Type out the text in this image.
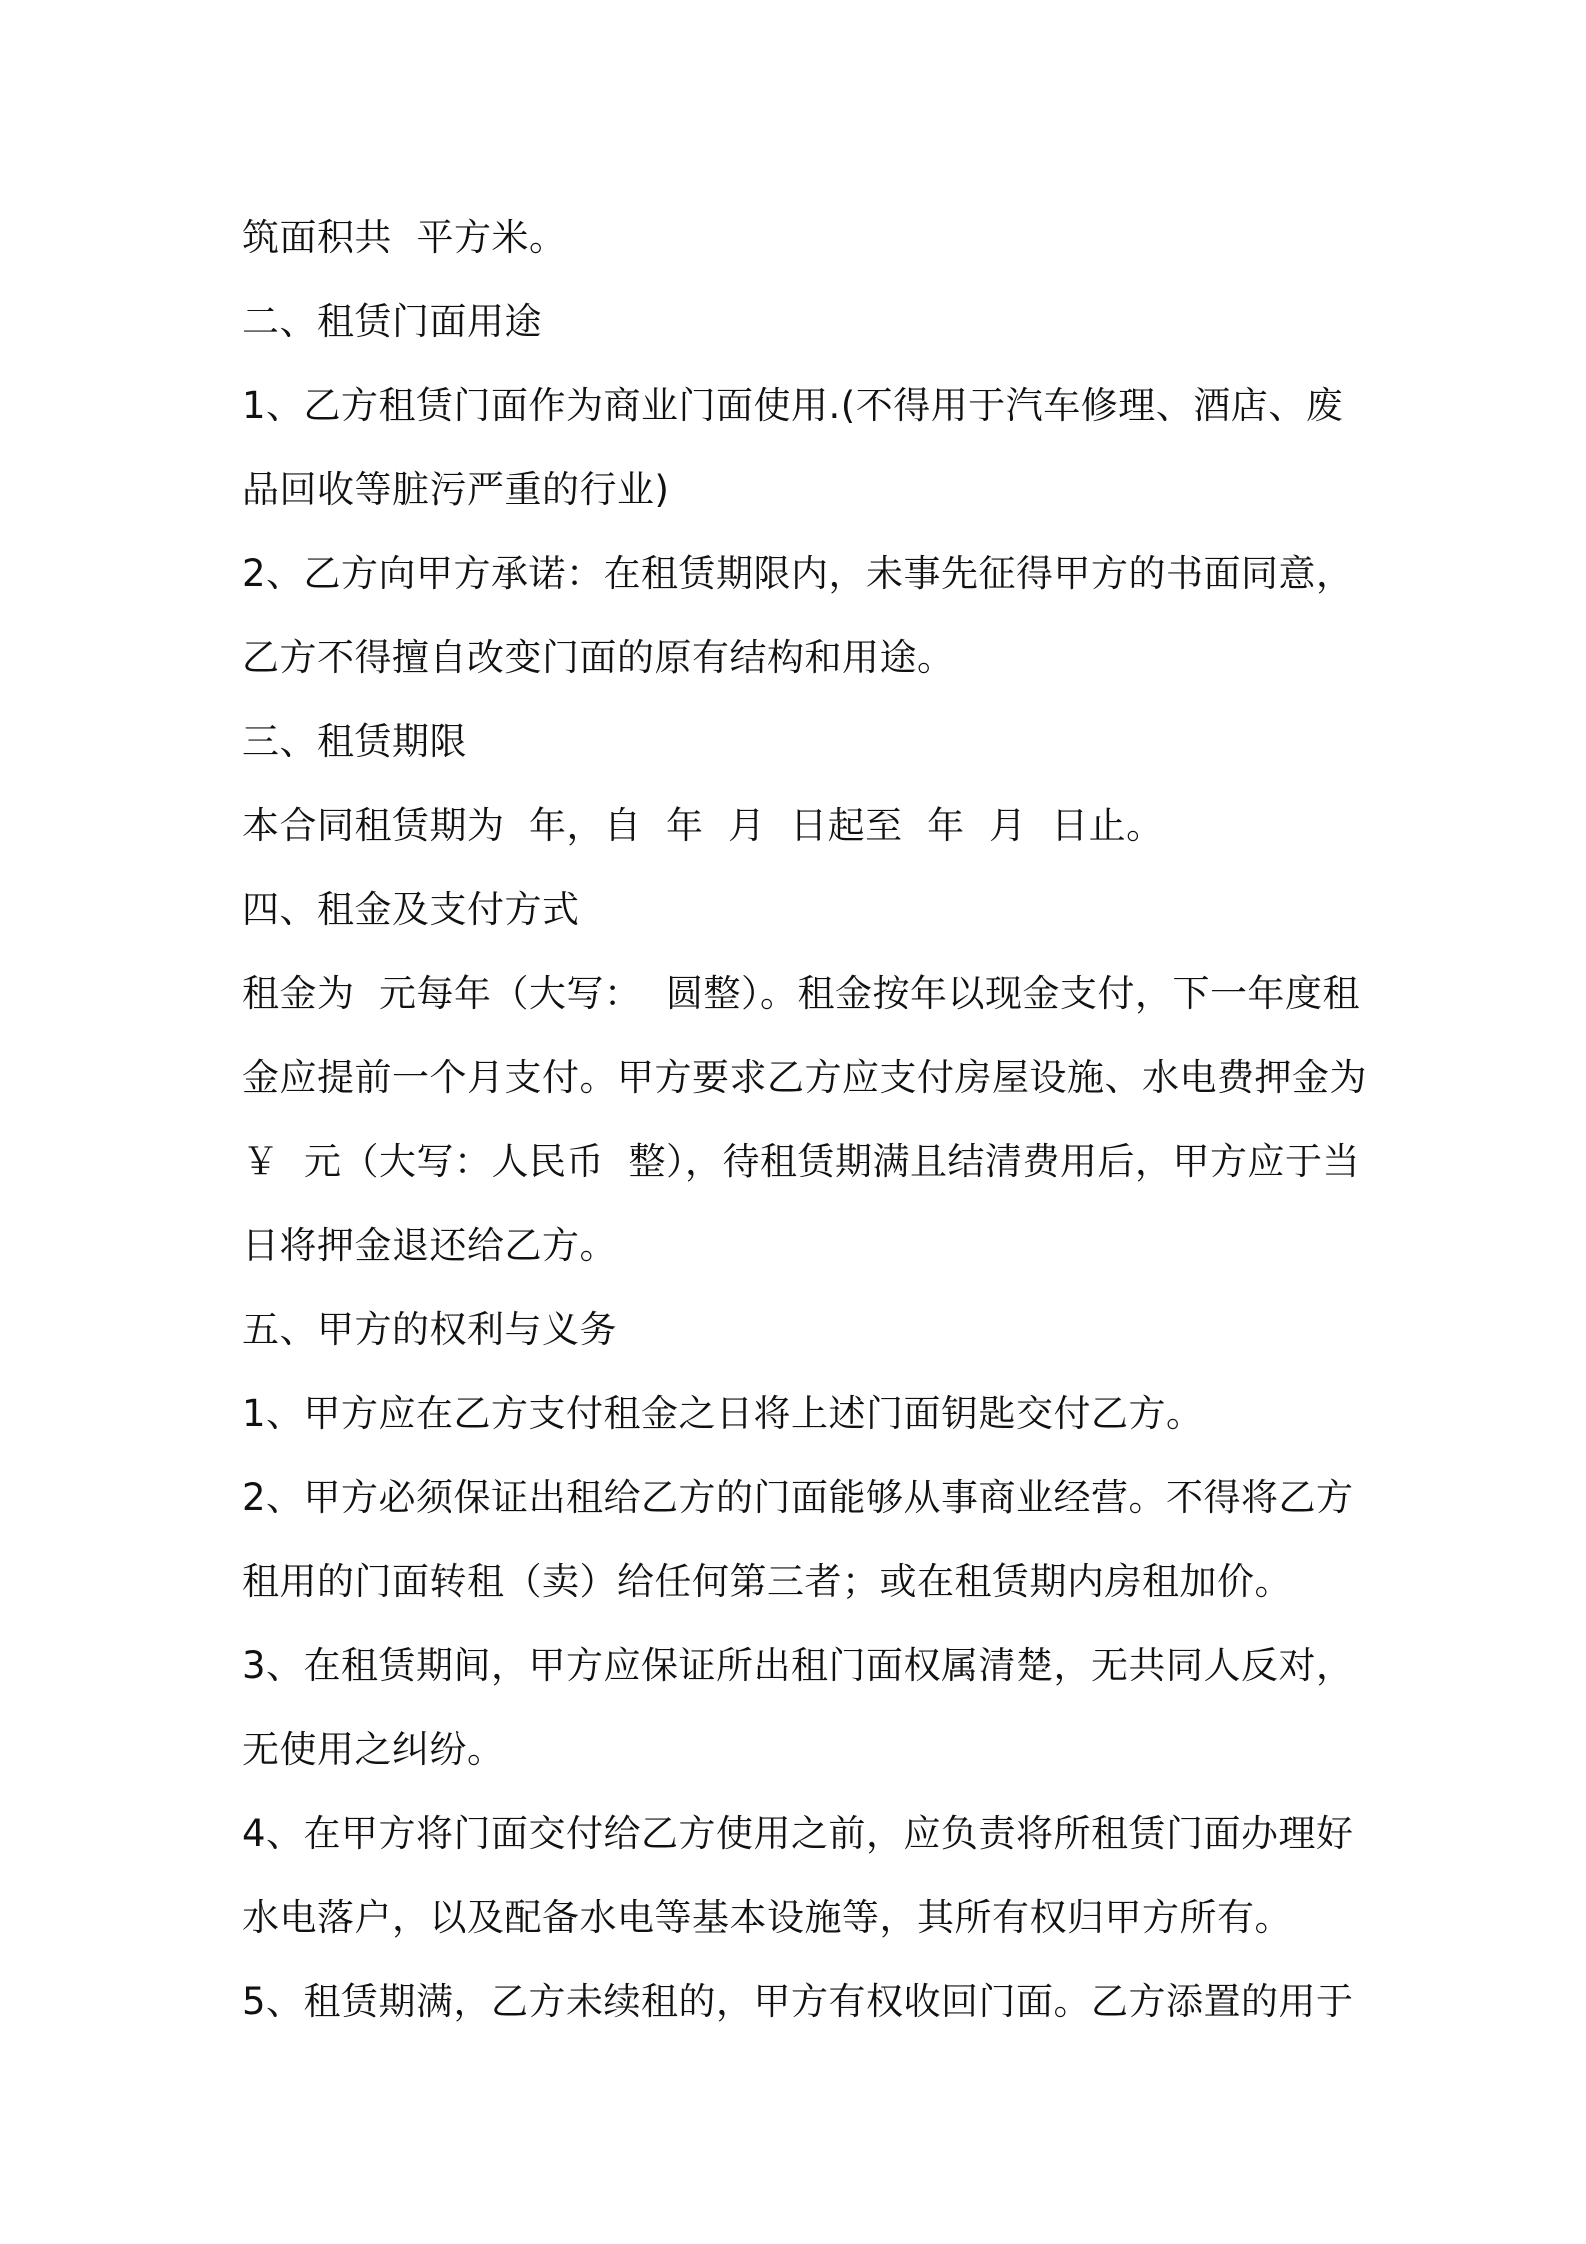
筑面积共  平方米。
二、租赁门面用途
1、乙方租赁门面作为商业门面使用.(不得用于汽车修理、酒店、废
品回收等脏污严重的行业)
2、乙方向甲方承诺：在租赁期限内，未事先征得甲方的书面同意，
乙方不得擅自改变门面的原有结构和用途。
三、租赁期限
本合同租赁期为  年，自  年  月  日起至  年  月  日止。
四、租金及支付方式
租金为  元每年（大写：  圆整）。租金按年以现金支付，下一年度租
金应提前一个月支付。甲方要求乙方应支付房屋设施、水电费押金为
￥  元（大写：人民币  整），待租赁期满且结清费用后，甲方应于当
日将押金退还给乙方。
五、甲方的权利与义务
1、甲方应在乙方支付租金之日将上述门面钥匙交付乙方。
2、甲方必须保证出租给乙方的门面能够从事商业经营。不得将乙方
租用的门面转租（卖）给任何第三者；或在租赁期内房租加价。
3、在租赁期间，甲方应保证所出租门面权属清楚，无共同人反对，
无使用之纠纷。
4、在甲方将门面交付给乙方使用之前，应负责将所租赁门面办理好
水电落户，以及配备水电等基本设施等，其所有权归甲方所有。
5、租赁期满，乙方未续租的，甲方有权收回门面。乙方添置的用于
